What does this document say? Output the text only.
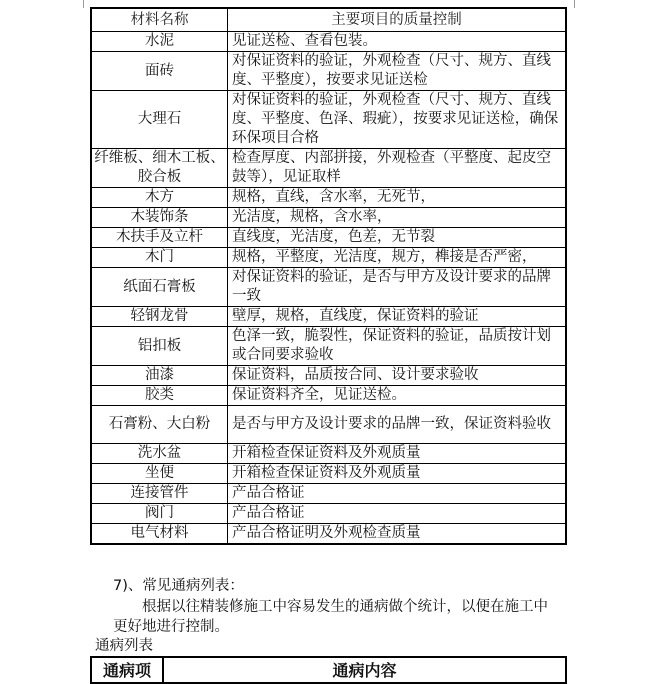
材料名称	主要项目的质量控制
水泥	见证送检、查看包装。
面砖	对保证资料的验证，外观检查（尺寸、规方、直线度、平整度），按要求见证送检
大理石	对保证资料的验证，外观检查（尺寸、规方、直线度、平整度、色泽、瑕疵），按要求见证送检，确保环保项目合格
纤维板、细木工板、胶合板	检查厚度、内部拼接，外观检查（平整度、起皮空鼓等），见证取样
木方	规格，直线，含水率，无死节，
木装饰条	光洁度，规格，含水率，
木扶手及立杆	直线度，光洁度，色差，无节裂
木门	规格，平整度，光洁度，规方，榫接是否严密，
纸面石膏板	对保证资料的验证，是否与甲方及设计要求的品牌一致
轻钢龙骨	壁厚，规格，直线度，保证资料的验证
铝扣板	色泽一致，脆裂性，保证资料的验证，品质按计划或合同要求验收
油漆	保证资料，品质按合同、设计要求验收
胶类	保证资料齐全，见证送检。
石膏粉、大白粉	是否与甲方及设计要求的品牌一致，保证资料验收
洗水盆	开箱检查保证资料及外观质量
坐便	开箱检查保证资料及外观质量
连接管件	产品合格证
阀门	产品合格证
电气材料	产品合格证明及外观检查质量
7)、常见通病列表：
根据以往精装修施工中容易发生的通病做个统计，以便在施工中
更好地进行控制。
通病列表
通病项	通病内容
